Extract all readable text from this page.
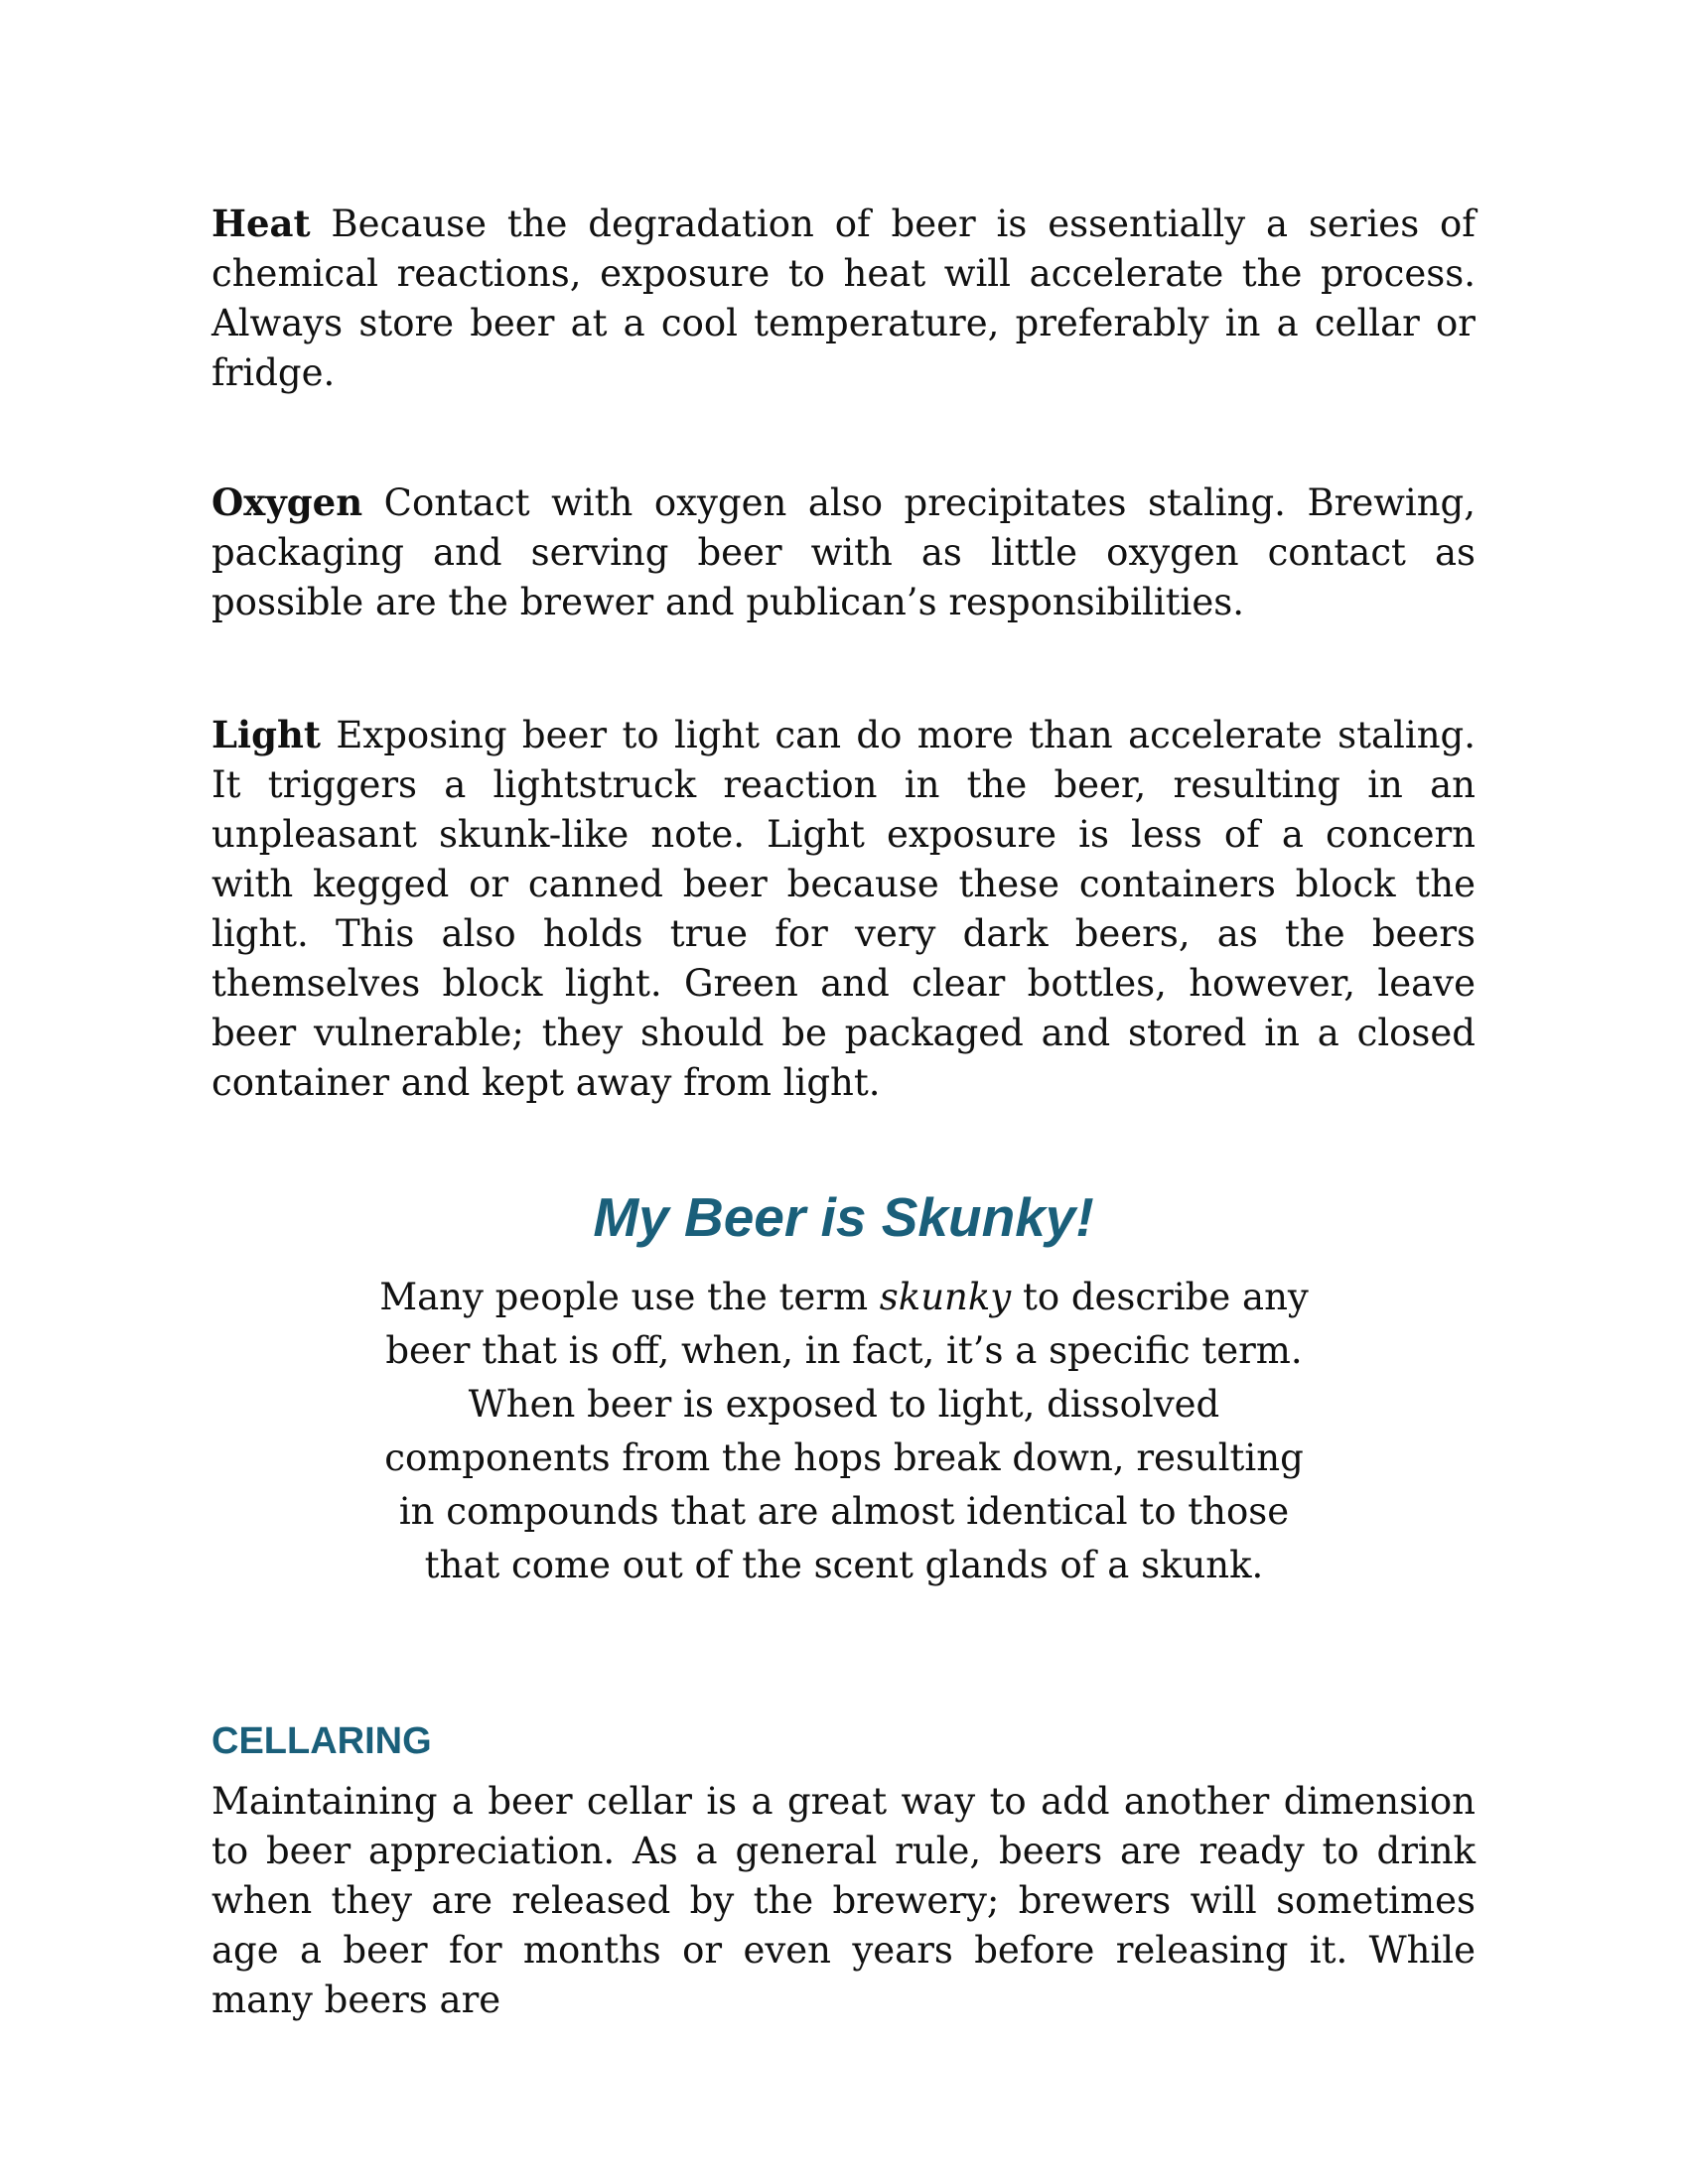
Heat Because the degradation of beer is essentially a series of chemical reactions, exposure to heat will accelerate the process. Always store beer at a cool temperature, preferably in a cellar or fridge.

Oxygen Contact with oxygen also precipitates staling. Brewing, packaging and serving beer with as little oxygen contact as possible are the brewer and publican’s responsibilities.

Light Exposing beer to light can do more than accelerate staling. It triggers a lightstruck reaction in the beer, resulting in an unpleasant skunk-like note. Light exposure is less of a concern with kegged or canned beer because these containers block the light. This also holds true for very dark beers, as the beers themselves block light. Green and clear bottles, however, leave beer vulnerable; they should be packaged and stored in a closed container and kept away from light.

My Beer is Skunky!

Many people use the term skunky to describe any beer that is off, when, in fact, it’s a specific term. When beer is exposed to light, dissolved components from the hops break down, resulting in compounds that are almost identical to those that come out of the scent glands of a skunk.

CELLARING

Maintaining a beer cellar is a great way to add another dimension to beer appreciation. As a general rule, beers are ready to drink when they are released by the brewery; brewers will sometimes age a beer for months or even years before releasing it. While many beers are
